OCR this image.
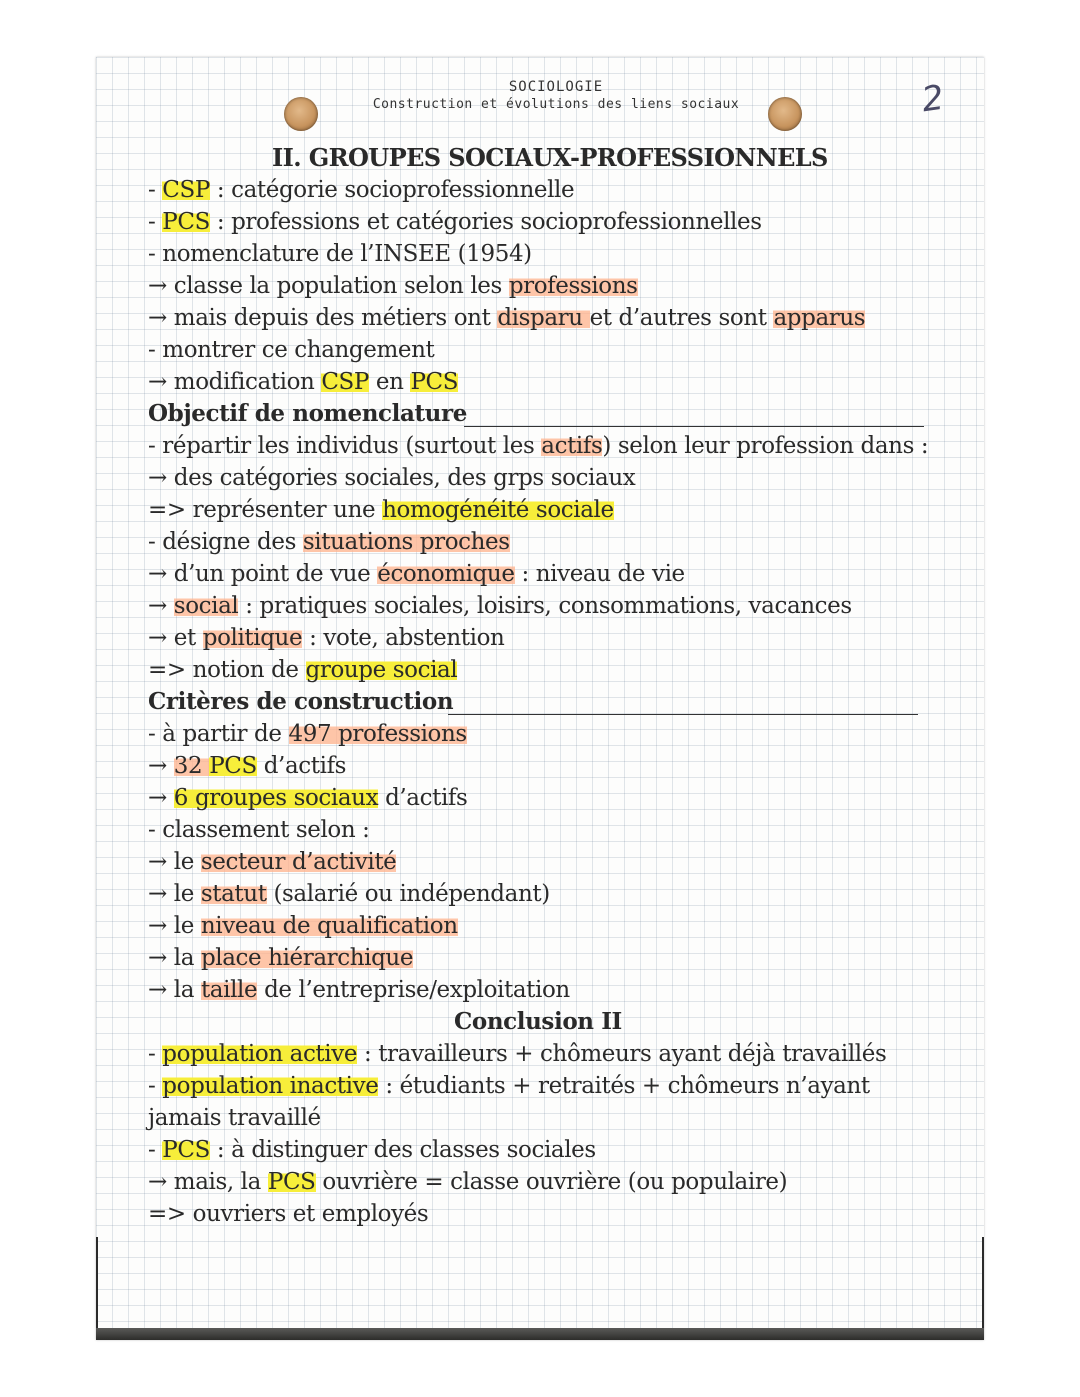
SOCIOLOGIE
Construction et évolutions des liens sociaux	2
II. GROUPES SOCIAUX-PROFESSIONNELS
- CSP : catégorie socioprofessionnelle
- PCS : professions et catégories socioprofessionnelles
- nomenclature de l’INSEE (1954)
→ classe la population selon les professions
→ mais depuis des métiers ont disparu et d’autres sont apparus
- montrer ce changement
→ modification CSP en PCS
Objectif de nomenclature
- répartir les individus (surtout les actifs) selon leur profession dans :
→ des catégories sociales, des grps sociaux
=> représenter une homogénéité sociale
- désigne des situations proches
→ d’un point de vue économique : niveau de vie
→ social : pratiques sociales, loisirs, consommations, vacances
→ et politique : vote, abstention
=> notion de groupe social
Critères de construction
- à partir de 497 professions
→ 32 PCS d’actifs
→ 6 groupes sociaux d’actifs
- classement selon :
→ le secteur d’activité
→ le statut (salarié ou indépendant)
→ le niveau de qualification
→ la place hiérarchique
→ la taille de l’entreprise/exploitation
Conclusion II
- population active : travailleurs + chômeurs ayant déjà travaillés
- population inactive : étudiants + retraités + chômeurs n’ayant
jamais travaillé
- PCS : à distinguer des classes sociales
→ mais, la PCS ouvrière = classe ouvrière (ou populaire)
=> ouvriers et employés
